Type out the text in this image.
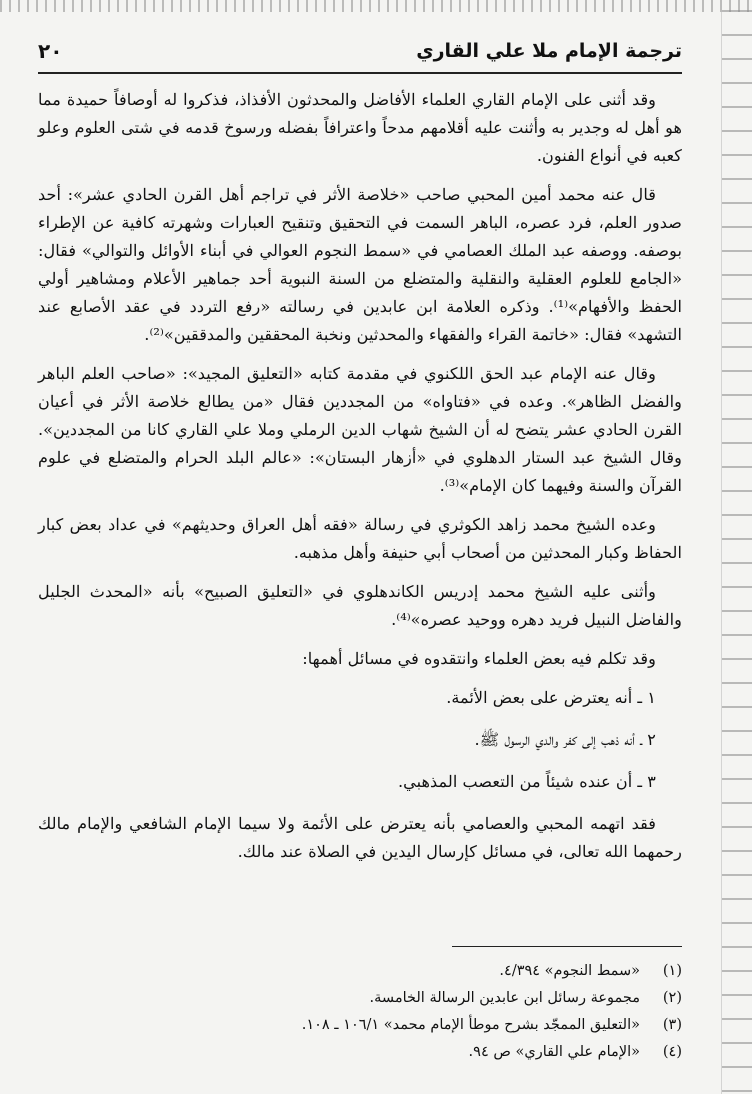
ترجمة الإمام ملا علي القاري
٢٠

وقد أثنى على الإمام القاري العلماء الأفاضل والمحدثون الأفذاذ، فذكروا له أوصافاً حميدة مما هو أهل له وجدير به وأثنت عليه أقلامهم مدحاً واعترافاً بفضله ورسوخ قدمه في شتى العلوم وعلو كعبه في أنواع الفنون.

قال عنه محمد أمين المحبي صاحب «خلاصة الأثر في تراجم أهل القرن الحادي عشر»: أحد صدور العلم، فرد عصره، الباهر السمت في التحقيق وتنقيح العبارات وشهرته كافية عن الإطراء بوصفه. ووصفه عبد الملك العصامي في «سمط النجوم العوالي في أبناء الأوائل والتوالي» فقال: «الجامع للعلوم العقلية والنقلية والمتضلع من السنة النبوية أحد جماهير الأعلام ومشاهير أولي الحفظ والأفهام»⁽¹⁾. وذكره العلامة ابن عابدين في رسالته «رفع التردد في عقد الأصابع عند التشهد» فقال: «خاتمة القراء والفقهاء والمحدثين ونخبة المحققين والمدققين»⁽²⁾.

وقال عنه الإمام عبد الحق اللكنوي في مقدمة كتابه «التعليق المجيد»: «صاحب العلم الباهر والفضل الظاهر». وعده في «فتاواه» من المجددين فقال «من يطالع خلاصة الأثر في أعيان القرن الحادي عشر يتضح له أن الشيخ شهاب الدين الرملي وملا علي القاري كانا من المجددين». وقال الشيخ عبد الستار الدهلوي في «أزهار البستان»: «عالم البلد الحرام والمتضلع في علوم القرآن والسنة وفيهما كان الإمام»⁽³⁾.

وعده الشيخ محمد زاهد الكوثري في رسالة «فقه أهل العراق وحديثهم» في عداد بعض كبار الحفاظ وكبار المحدثين من أصحاب أبي حنيفة وأهل مذهبه.

وأثنى عليه الشيخ محمد إدريس الكاندهلوي في «التعليق الصبيح» بأنه «المحدث الجليل والفاضل النبيل فريد دهره ووحيد عصره»⁽⁴⁾.

وقد تكلم فيه بعض العلماء وانتقدوه في مسائل أهمها:

١ ـ أنه يعترض على بعض الأئمة.

٢ ـ أنه ذهب إلى كفر والدي الرسول ﷺ.

٣ ـ أن عنده شيئاً من التعصب المذهبي.

فقد اتهمه المحبي والعصامي بأنه يعترض على الأئمة ولا سيما الإمام الشافعي والإمام مالك رحمهما الله تعالى، في مسائل كإرسال اليدين في الصلاة عند مالك.

(١)
«سمط النجوم» ٤/٣٩٤.
(٢)
مجموعة رسائل ابن عابدين الرسالة الخامسة.
(٣)
«التعليق الممجّد بشرح موطأ الإمام محمد» ١٠٦/١ ـ ١٠٨.
(٤)
«الإمام علي القاري» ص ٩٤.
